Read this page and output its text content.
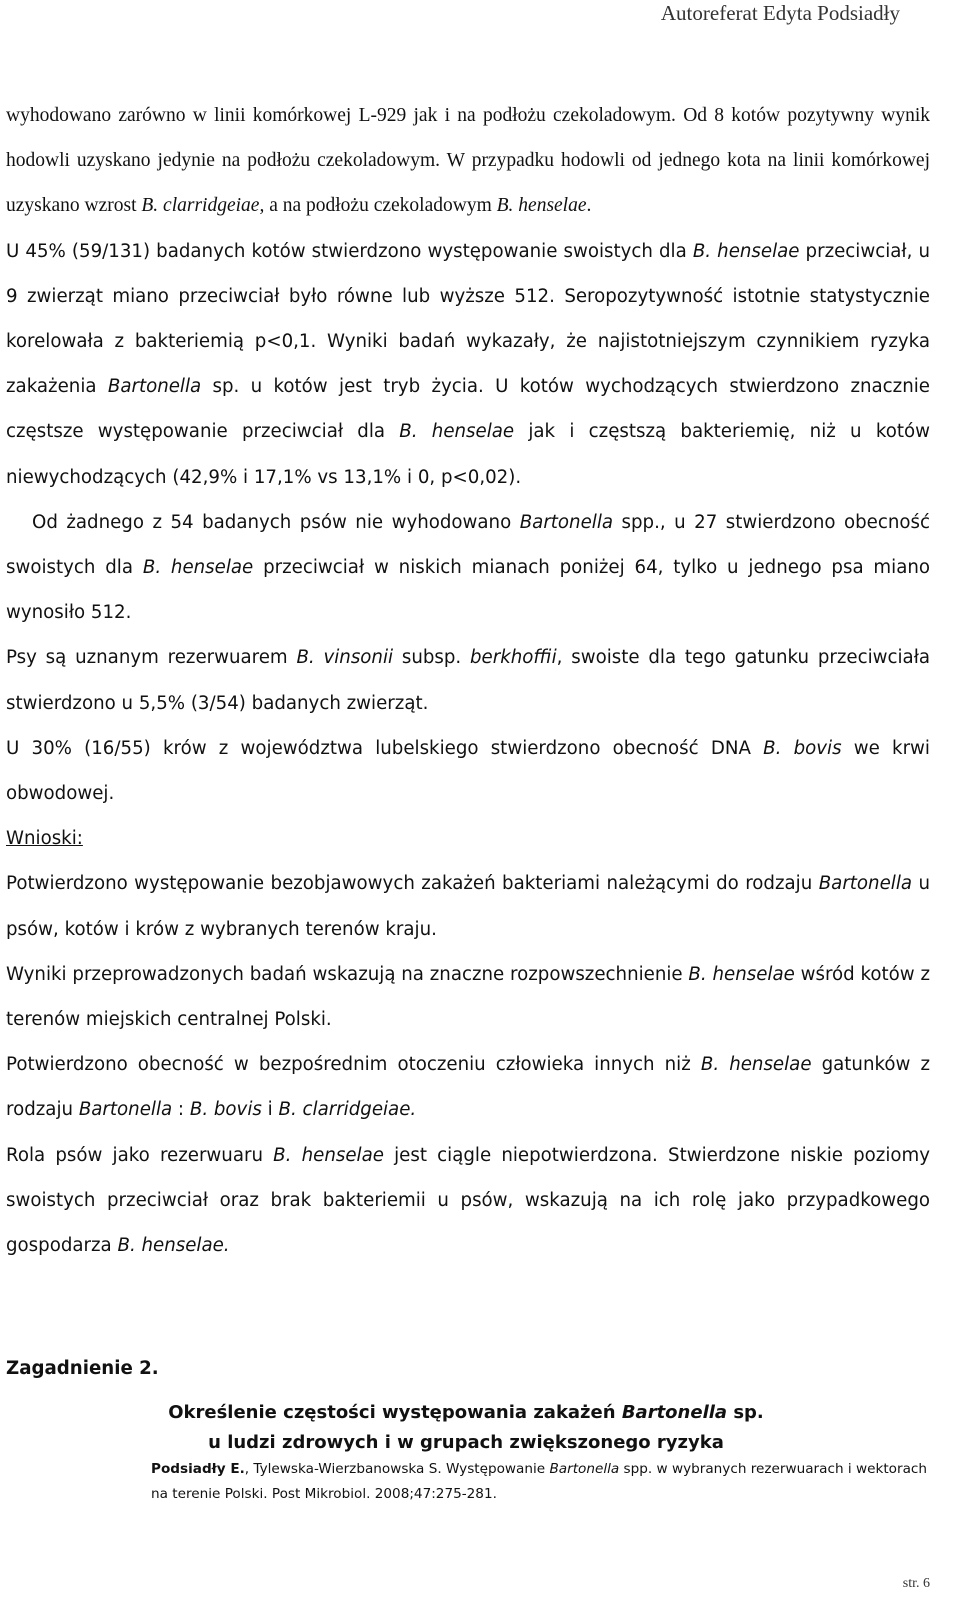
Autoreferat Edyta Podsiadły

wyhodowano zarówno w linii komórkowej L-929 jak i na podłożu czekoladowym. Od 8 kotów pozytywny wynik hodowli uzyskano jedynie na podłożu czekoladowym. W przypadku hodowli od jednego kota na linii komórkowej uzyskano wzrost B. clarridgeiae, a na podłożu czekoladowym B. henselae.

U 45% (59/131) badanych kotów stwierdzono występowanie swoistych dla B. henselae przeciwciał, u 9 zwierząt miano przeciwciał było równe lub wyższe 512. Seropozytywność istotnie statystycznie korelowała z bakteriemią p<0,1. Wyniki badań wykazały, że najistotniejszym czynnikiem ryzyka zakażenia Bartonella sp. u kotów jest tryb życia. U kotów wychodzących stwierdzono znacznie częstsze występowanie przeciwciał dla B. henselae jak i częstszą bakteriemię, niż u kotów niewychodzących (42,9% i 17,1% vs 13,1% i 0, p<0,02).

Od żadnego z 54 badanych psów nie wyhodowano Bartonella spp., u 27 stwierdzono obecność swoistych dla B. henselae przeciwciał w niskich mianach poniżej 64, tylko u jednego psa miano wynosiło 512.

Psy są uznanym rezerwuarem B. vinsonii subsp. berkhoffii, swoiste dla tego gatunku przeciwciała stwierdzono u 5,5% (3/54) badanych zwierząt.

U 30% (16/55) krów z województwa lubelskiego stwierdzono obecność DNA B. bovis we krwi obwodowej.

Wnioski:

Potwierdzono występowanie bezobjawowych zakażeń bakteriami należącymi do rodzaju Bartonella u psów, kotów i krów z wybranych terenów kraju.

Wyniki przeprowadzonych badań wskazują na znaczne rozpowszechnienie B. henselae wśród kotów z terenów miejskich centralnej Polski.

Potwierdzono obecność w bezpośrednim otoczeniu człowieka innych niż B. henselae gatunków z rodzaju Bartonella : B. bovis i B. clarridgeiae.

Rola psów jako rezerwuaru B. henselae jest ciągle niepotwierdzona. Stwierdzone niskie poziomy swoistych przeciwciał oraz brak bakteriemii u psów, wskazują na ich rolę jako przypadkowego gospodarza B. henselae.

Zagadnienie 2.
Określenie częstości występowania zakażeń Bartonella sp.
u ludzi zdrowych i w grupach zwiększonego ryzyka
Podsiadły E., Tylewska-Wierzbanowska S. Występowanie Bartonella spp. w wybranych rezerwuarach i wektorach na terenie Polski. Post Mikrobiol. 2008;47:275-281.
str. 6
